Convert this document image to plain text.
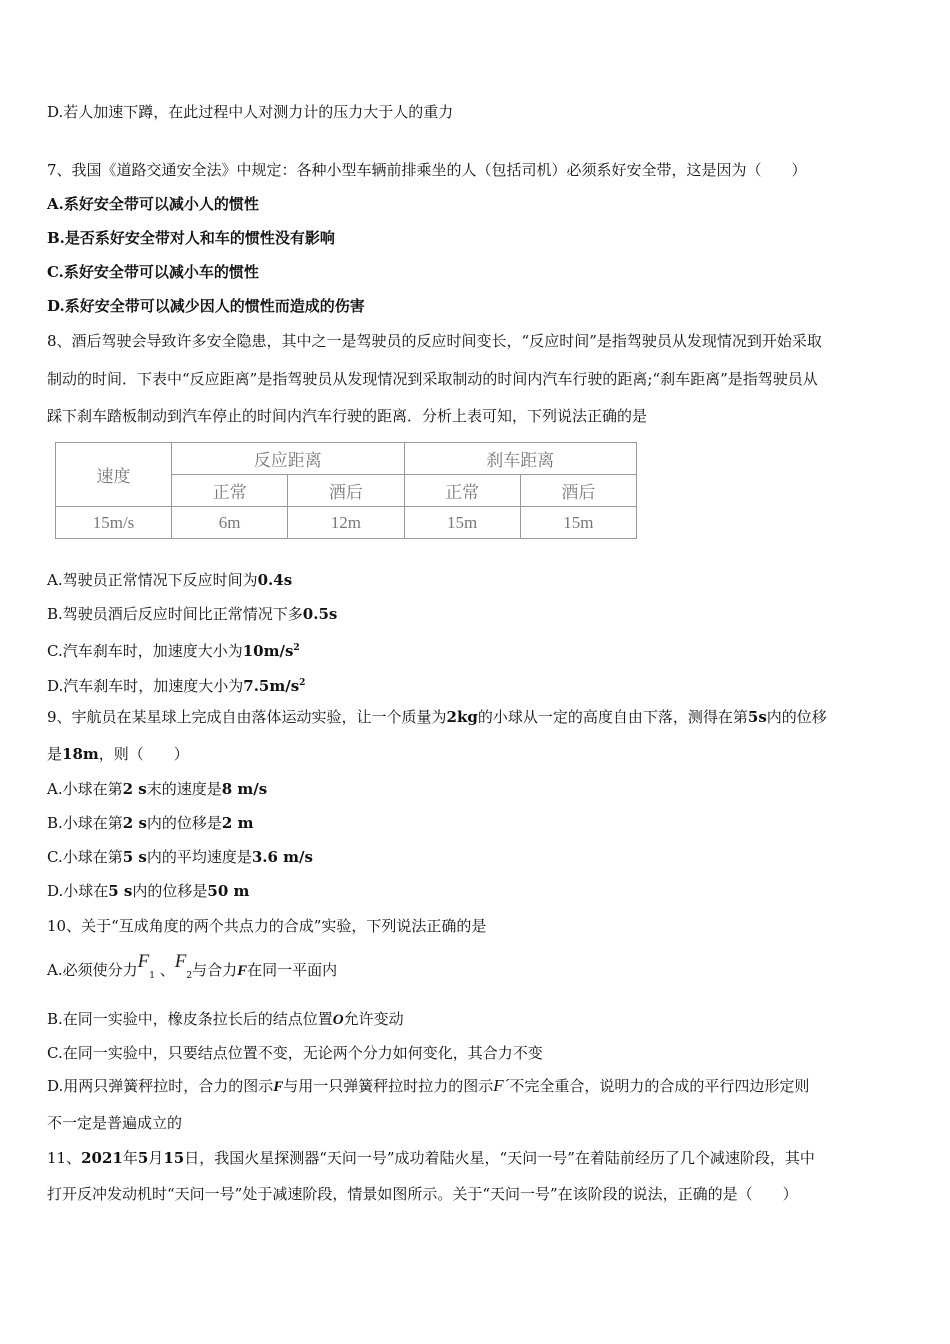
D.若人加速下蹲，在此过程中人对测力计的压力大于人的重力
7、我国《道路交通安全法》中规定：各种小型车辆前排乘坐的人（包括司机）必须系好安全带，这是因为（　　）
A.系好安全带可以减小人的惯性
B.是否系好安全带对人和车的惯性没有影响
C.系好安全带可以减小车的惯性
D.系好安全带可以减少因人的惯性而造成的伤害
8、酒后驾驶会导致许多安全隐患，其中之一是驾驶员的反应时间变长，“反应时间”是指驾驶员从发现情况到开始采取
制动的时间．下表中“反应距离”是指驾驶员从发现情况到采取制动的时间内汽车行驶的距离;“刹车距离”是指驾驶员从
踩下刹车踏板制动到汽车停止的时间内汽车行驶的距离．分析上表可知，下列说法正确的是
速度	反应距离		刹车距离	
	正常	酒后	正常	酒后
15m/s	6m	12m	15m	15m
A.驾驶员正常情况下反应时间为0.4s
B.驾驶员酒后反应时间比正常情况下多0.5s
C.汽车刹车时，加速度大小为$10m/s^2$
D.汽车刹车时，加速度大小为$7.5m/s^2$
9、宇航员在某星球上完成自由落体运动实验，让一个质量为2kg的小球从一定的高度自由下落，测得在第5s内的位移
是18m，则（　　）
A.小球在第2 s末的速度是8 m/s
B.小球在第2 s内的位移是2 m
C.小球在第5 s内的平均速度是3.6 m/s
D.小球在5 s内的位移是50 m
10、关于“互成角度的两个共点力的合成”实验，下列说法正确的是
A.必须使分力$F_1$ 、$F_2$与合力F在同一平面内
B.在同一实验中，橡皮条拉长后的结点位置O允许变动
C.在同一实验中，只要结点位置不变，无论两个分力如何变化，其合力不变
D.用两只弹簧秤拉时，合力的图示F与用一只弹簧秤拉时拉力的图示F´不完全重合，说明力的合成的平行四边形定则
不一定是普遍成立的
11、2021年5月15日，我国火星探测器“天问一号”成功着陆火星，“天问一号”在着陆前经历了几个减速阶段，其中
打开反冲发动机时“天问一号”处于减速阶段，情景如图所示。关于“天问一号”在该阶段的说法，正确的是（　　）
